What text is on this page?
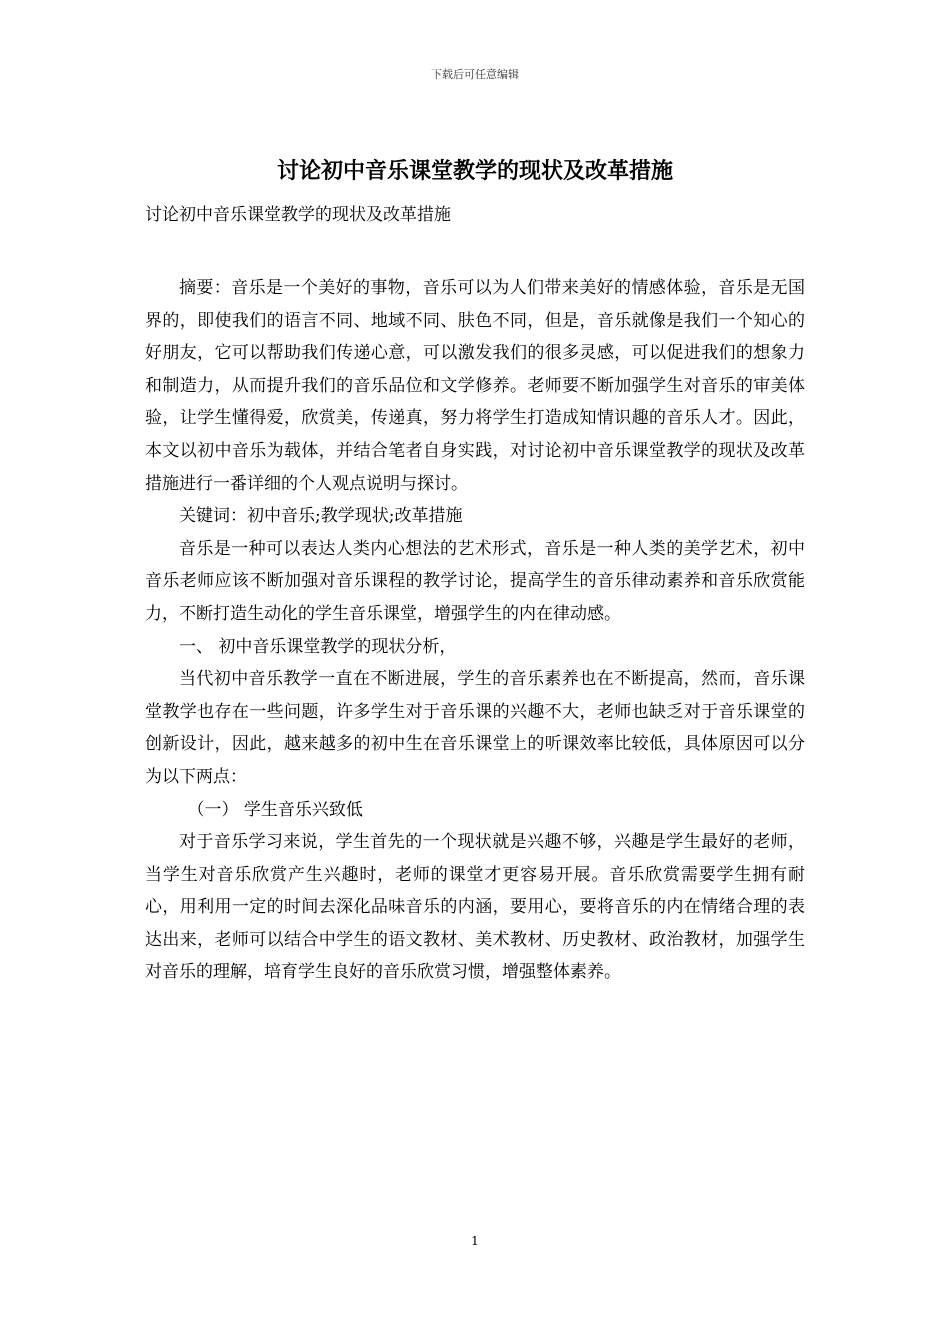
下载后可任意编辑
讨论初中音乐课堂教学的现状及改革措施
讨论初中音乐课堂教学的现状及改革措施

摘要：音乐是一个美好的事物，音乐可以为人们带来美好的情感体验，音乐是无国界的，即使我们的语言不同、地域不同、肤色不同，但是，音乐就像是我们一个知心的好朋友，它可以帮助我们传递心意，可以激发我们的很多灵感，可以促进我们的想象力和制造力，从而提升我们的音乐品位和文学修养。老师要不断加强学生对音乐的审美体验，让学生懂得爱，欣赏美，传递真，努力将学生打造成知情识趣的音乐人才。因此，本文以初中音乐为载体，并结合笔者自身实践，对讨论初中音乐课堂教学的现状及改革措施进行一番详细的个人观点说明与探讨。

关键词：初中音乐;教学现状;改革措施

音乐是一种可以表达人类内心想法的艺术形式，音乐是一种人类的美学艺术，初中音乐老师应该不断加强对音乐课程的教学讨论，提高学生的音乐律动素养和音乐欣赏能力，不断打造生动化的学生音乐课堂，增强学生的内在律动感。

一、 初中音乐课堂教学的现状分析，

当代初中音乐教学一直在不断进展，学生的音乐素养也在不断提高，然而，音乐课堂教学也存在一些问题，许多学生对于音乐课的兴趣不大，老师也缺乏对于音乐课堂的创新设计，因此，越来越多的初中生在音乐课堂上的听课效率比较低，具体原因可以分为以下两点：

（一） 学生音乐兴致低

对于音乐学习来说，学生首先的一个现状就是兴趣不够，兴趣是学生最好的老师，当学生对音乐欣赏产生兴趣时，老师的课堂才更容易开展。音乐欣赏需要学生拥有耐心，用利用一定的时间去深化品味音乐的内涵，要用心，要将音乐的内在情绪合理的表达出来，老师可以结合中学生的语文教材、美术教材、历史教材、政治教材，加强学生对音乐的理解，培育学生良好的音乐欣赏习惯，增强整体素养。

1
